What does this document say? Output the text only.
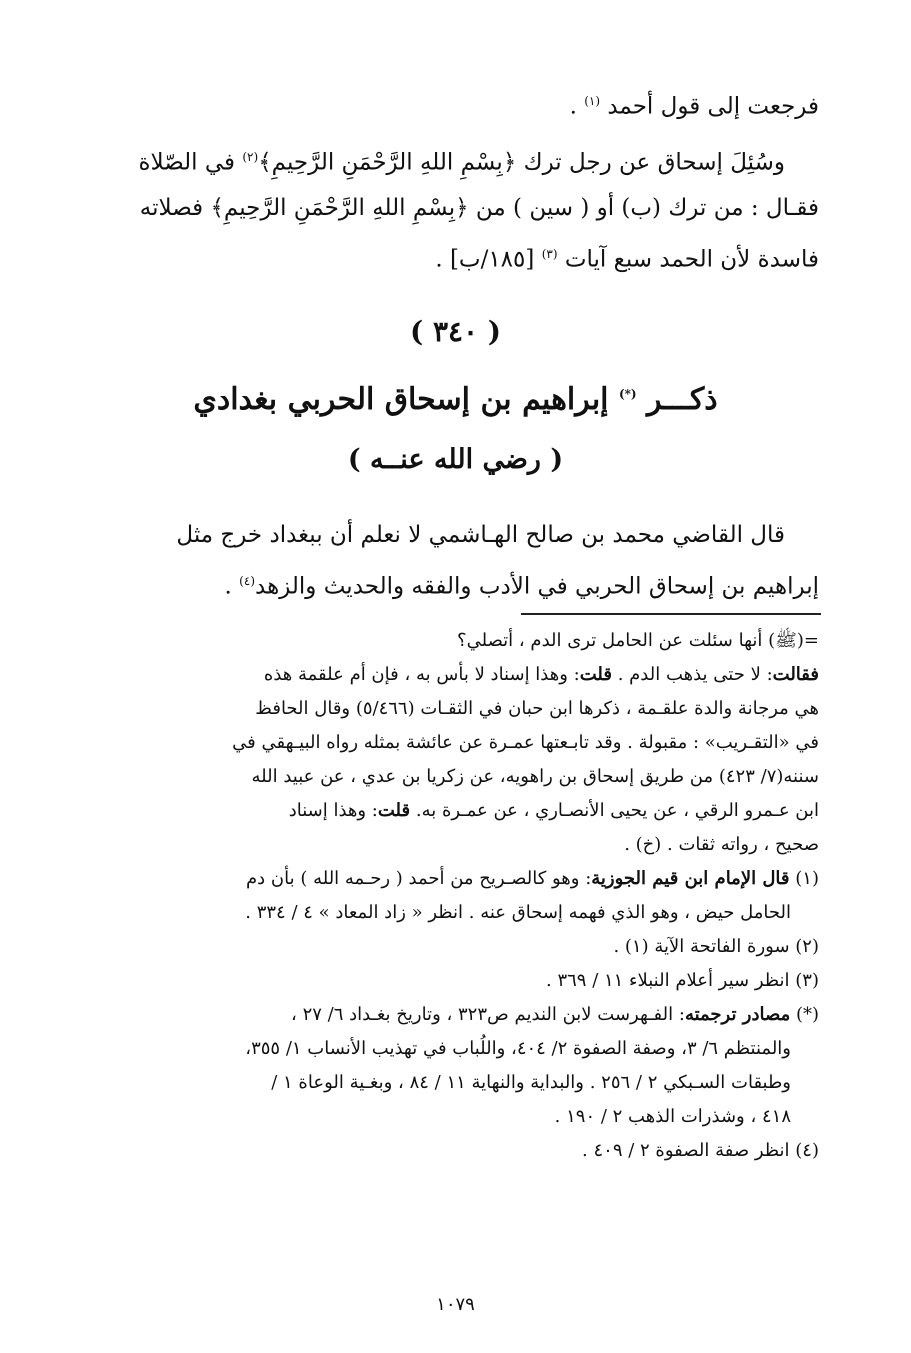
فرجعت إلى قول أحمد $^{(١)}$ .

وسُئِلَ إسحاق عن رجل ترك ﴿بِسْمِ اللهِ الرَّحْمَنِ الرَّحِيمِ﴾$^{(٢)}$ في الصّلاة
فقـال : من ترك (ب) أو ( سين ) من ﴿بِسْمِ اللهِ الرَّحْمَنِ الرَّحِيمِ﴾ فصلاته
فاسدة لأن الحمد سبع آيات $^{(٣)}$ [١٨٥/ب] .

( ٣٤٠ )
ذكـــر (*) إبراهيم بن إسحاق الحربي بغدادي
( رضي الله عنــه )

قال القاضي محمد بن صالح الهـاشمي لا نعلم أن ببغداد خرج مثل
إبراهيم بن إسحاق الحربي في الأدب والفقه والحديث والزهد$^{(٤)}$ .

=(ﷺ) أنها سئلت عن الحامل ترى الدم ، أتصلي؟
فقالت: لا حتى يذهب الدم . قلت: وهذا إسناد لا بأس به ، فإن أم علقمة هذه
هي مرجانة والدة علقـمة ، ذكرها ابن حبان في الثقـات (٥/٤٦٦) وقال الحافظ
في «التقـريب» : مقبولة . وقد تابـعتها عمـرة عن عائشة بمثله رواه البيـهقي في
سننه(٧/ ٤٢٣) من طريق إسحاق بن راهويه، عن زكريا بن عدي ، عن عبيد الله
ابن عـمرو الرقي ، عن يحيى الأنصـاري ، عن عمـرة به. قلت: وهذا إسناد
صحيح ، رواته ثقات . (خ) .

(١) قال الإمام ابن قيم الجوزية: وهو كالصـريح من أحمد ( رحـمه الله ) بأن دم
الحامل حيض ، وهو الذي فهمه إسحاق عنه . انظر « زاد المعاد » ٤ / ٣٣٤ .

(٢) سورة الفاتحة الآية (١) .

(٣) انظر سير أعلام النبلاء ١١ / ٣٦٩ .

(*) مصادر ترجمته: الفـهرست لابن النديم ص٣٢٣ ، وتاريخ بغـداد ٦/ ٢٧ ،
والمنتظم ٦/ ٣، وصفة الصفوة ٢/ ٤٠٤، واللُباب في تهذيب الأنساب ١/ ٣٥٥،
وطبقات السـبكي ٢ / ٢٥٦ . والبداية والنهاية ١١ / ٨٤ ، وبغـية الوعاة ١ /
٤١٨ ، وشذرات الذهب ٢ / ١٩٠ .

(٤) انظر صفة الصفوة ٢ / ٤٠٩ .

١٠٧٩
